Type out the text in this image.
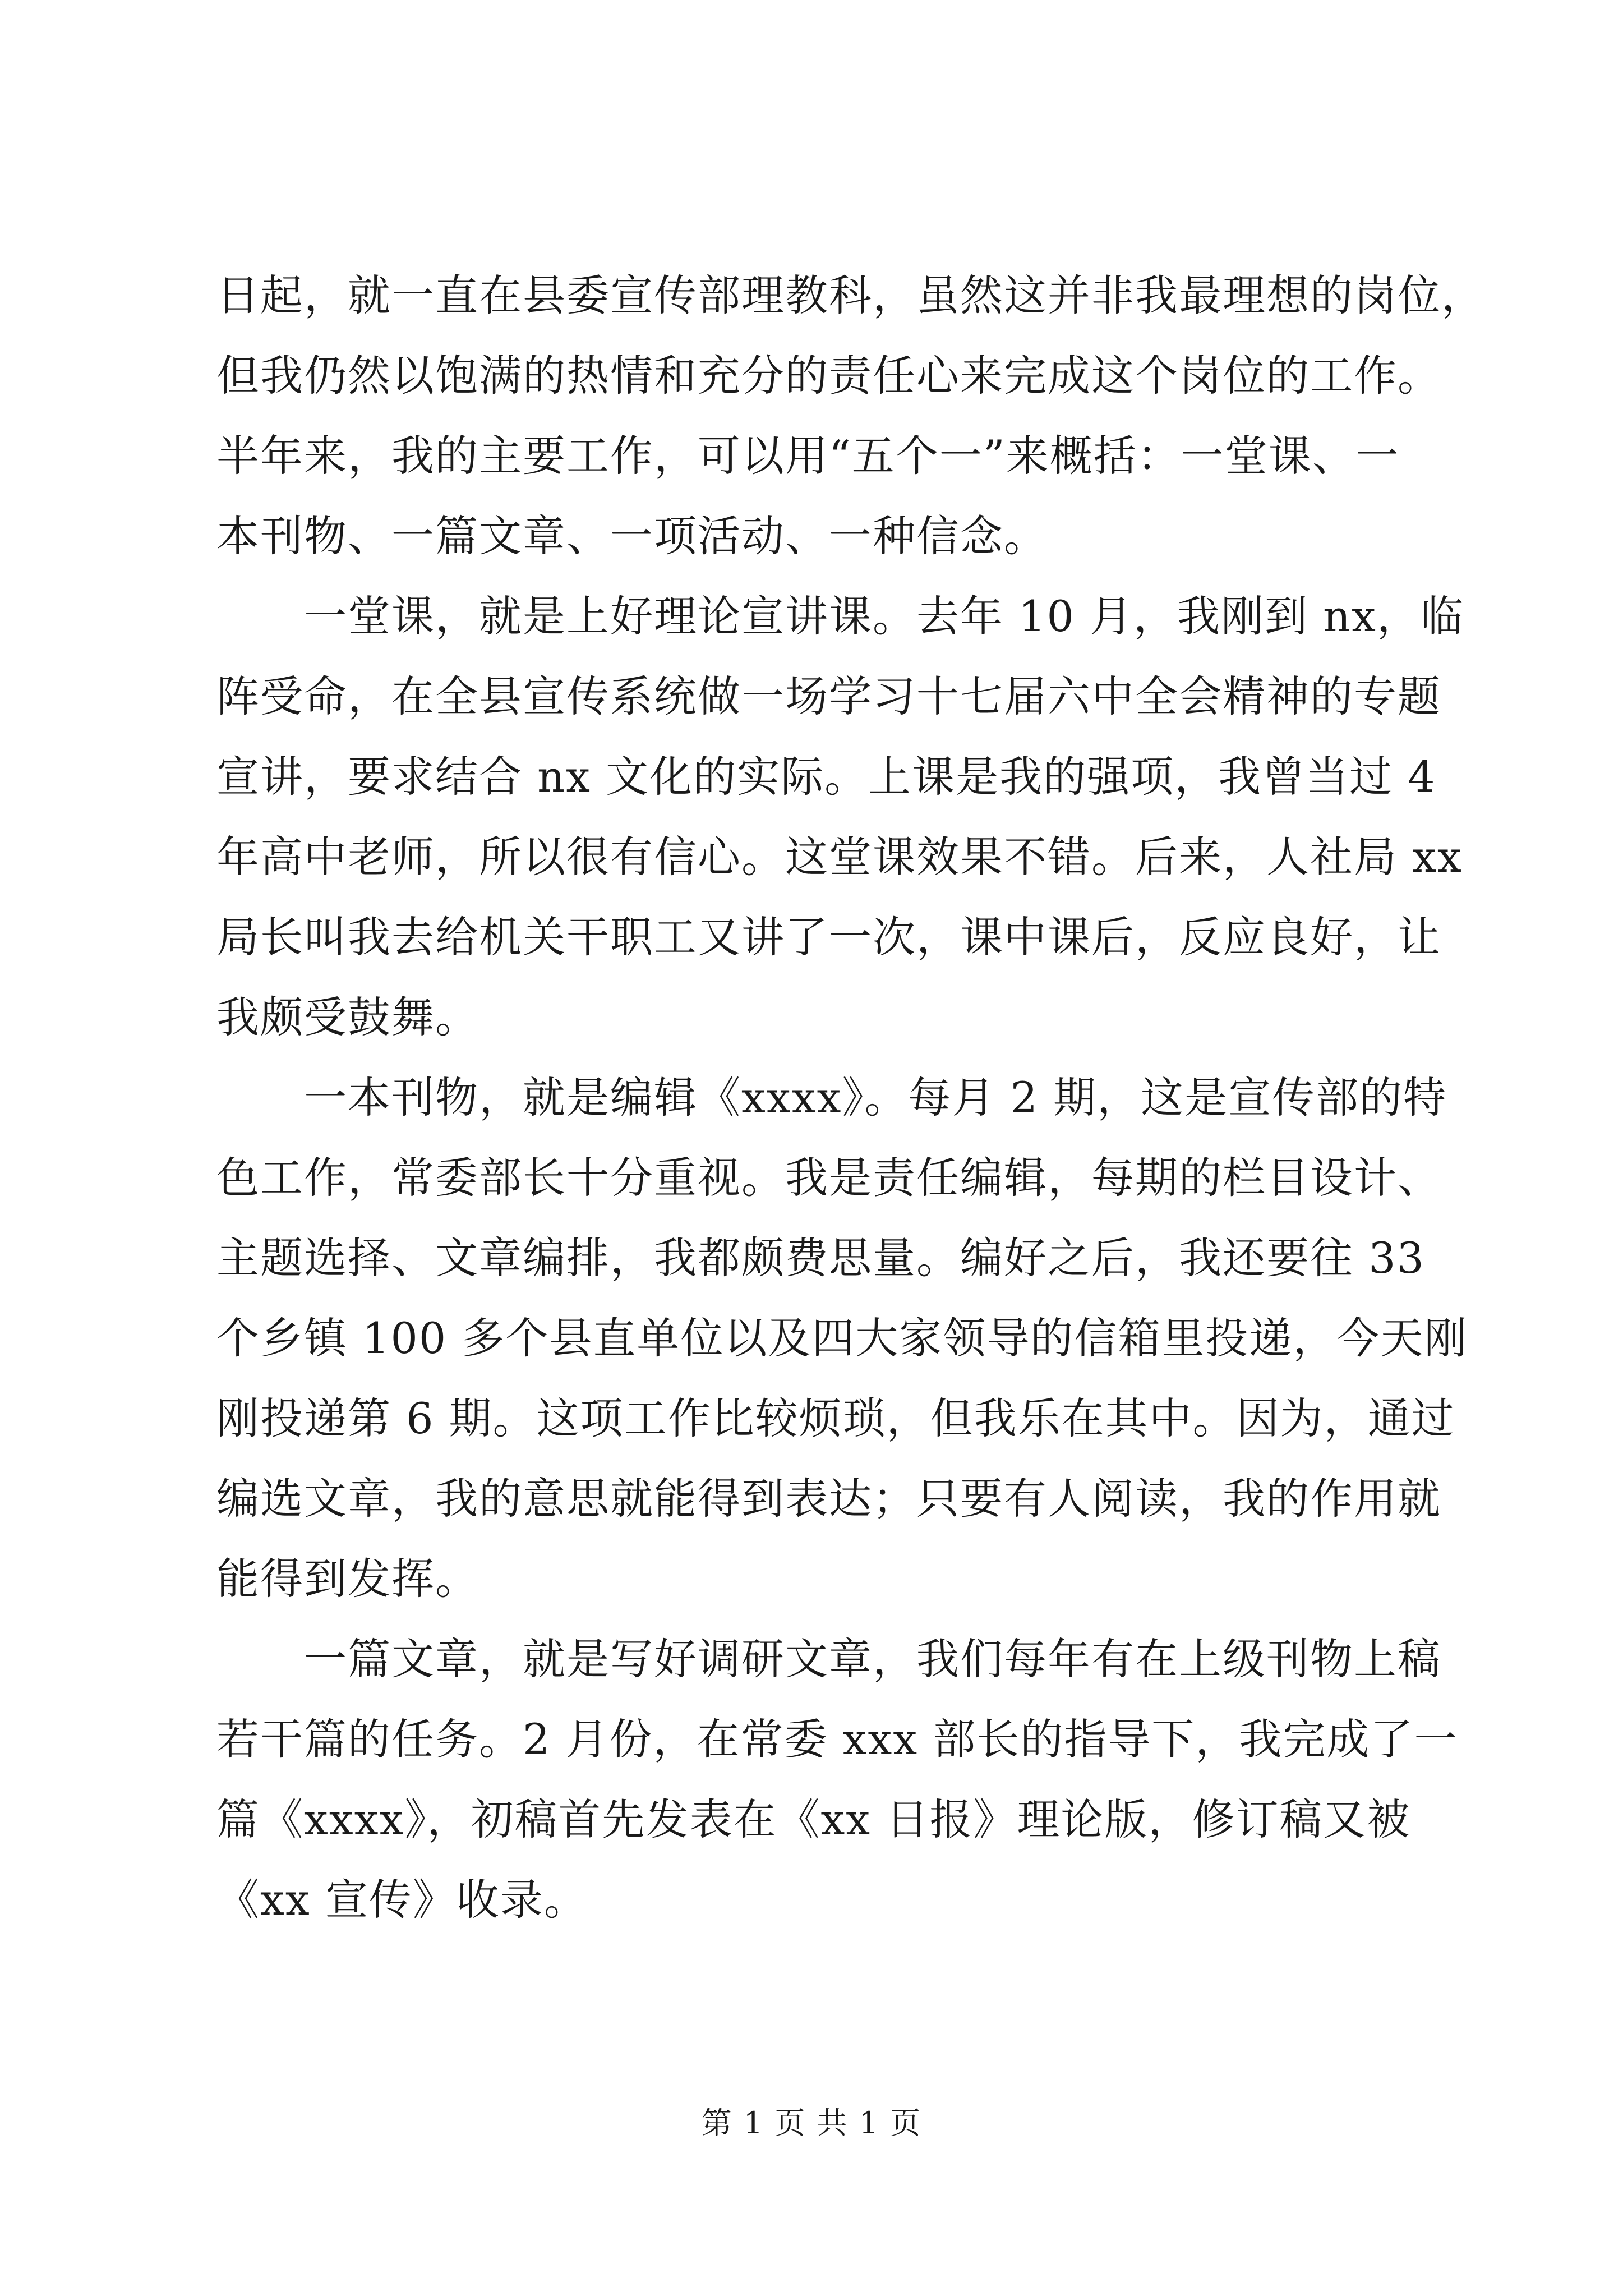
日起，就一直在县委宣传部理教科，虽然这并非我最理想的岗位，
但我仍然以饱满的热情和充分的责任心来完成这个岗位的工作。
半年来，我的主要工作，可以用“五个一”来概括：一堂课、一
本刊物、一篇文章、一项活动、一种信念。
　　一堂课，就是上好理论宣讲课。去年 10 月，我刚到 nx，临
阵受命，在全县宣传系统做一场学习十七届六中全会精神的专题
宣讲，要求结合 nx 文化的实际。上课是我的强项，我曾当过 4
年高中老师，所以很有信心。这堂课效果不错。后来，人社局 xx
局长叫我去给机关干职工又讲了一次，课中课后，反应良好，让
我颇受鼓舞。
　　一本刊物，就是编辑《xxxx》。每月 2 期，这是宣传部的特
色工作，常委部长十分重视。我是责任编辑，每期的栏目设计、
主题选择、文章编排，我都颇费思量。编好之后，我还要往 33
个乡镇 100 多个县直单位以及四大家领导的信箱里投递，今天刚
刚投递第 6 期。这项工作比较烦琐，但我乐在其中。因为，通过
编选文章，我的意思就能得到表达；只要有人阅读，我的作用就
能得到发挥。
　　一篇文章，就是写好调研文章，我们每年有在上级刊物上稿
若干篇的任务。2 月份，在常委 xxx 部长的指导下，我完成了一
篇《xxxx》，初稿首先发表在《xx 日报》理论版，修订稿又被
《xx 宣传》收录。
第 1 页 共 1 页
